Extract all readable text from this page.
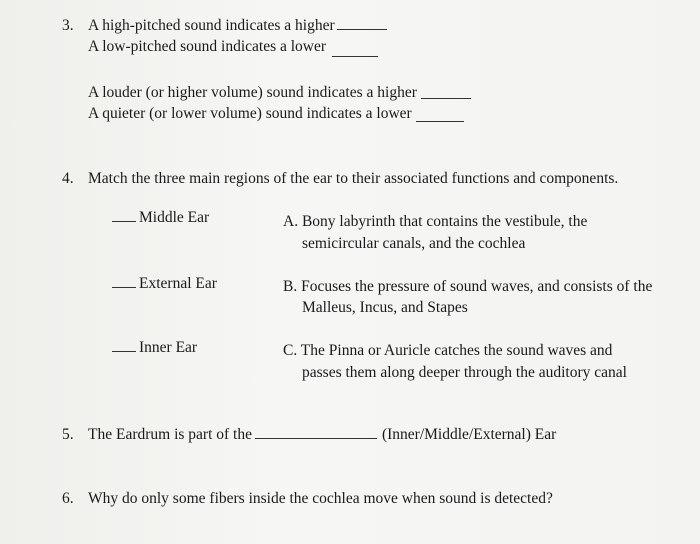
3. A high-pitched sound indicates a higher
A low-pitched sound indicates a lower
A louder (or higher volume) sound indicates a higher
A quieter (or lower volume) sound indicates a lower
4. Match the three main regions of the ear to their associated functions and components.
Middle Ear
External Ear
Inner Ear
A. Bony labyrinth that contains the vestibule, the
semicircular canals, and the cochlea
B. Focuses the pressure of sound waves, and consists of the
Malleus, Incus, and Stapes
C. The Pinna or Auricle catches the sound waves and
passes them along deeper through the auditory canal
5. The Eardrum is part of the	(Inner/Middle/External) Ear
6. Why do only some fibers inside the cochlea move when sound is detected?
